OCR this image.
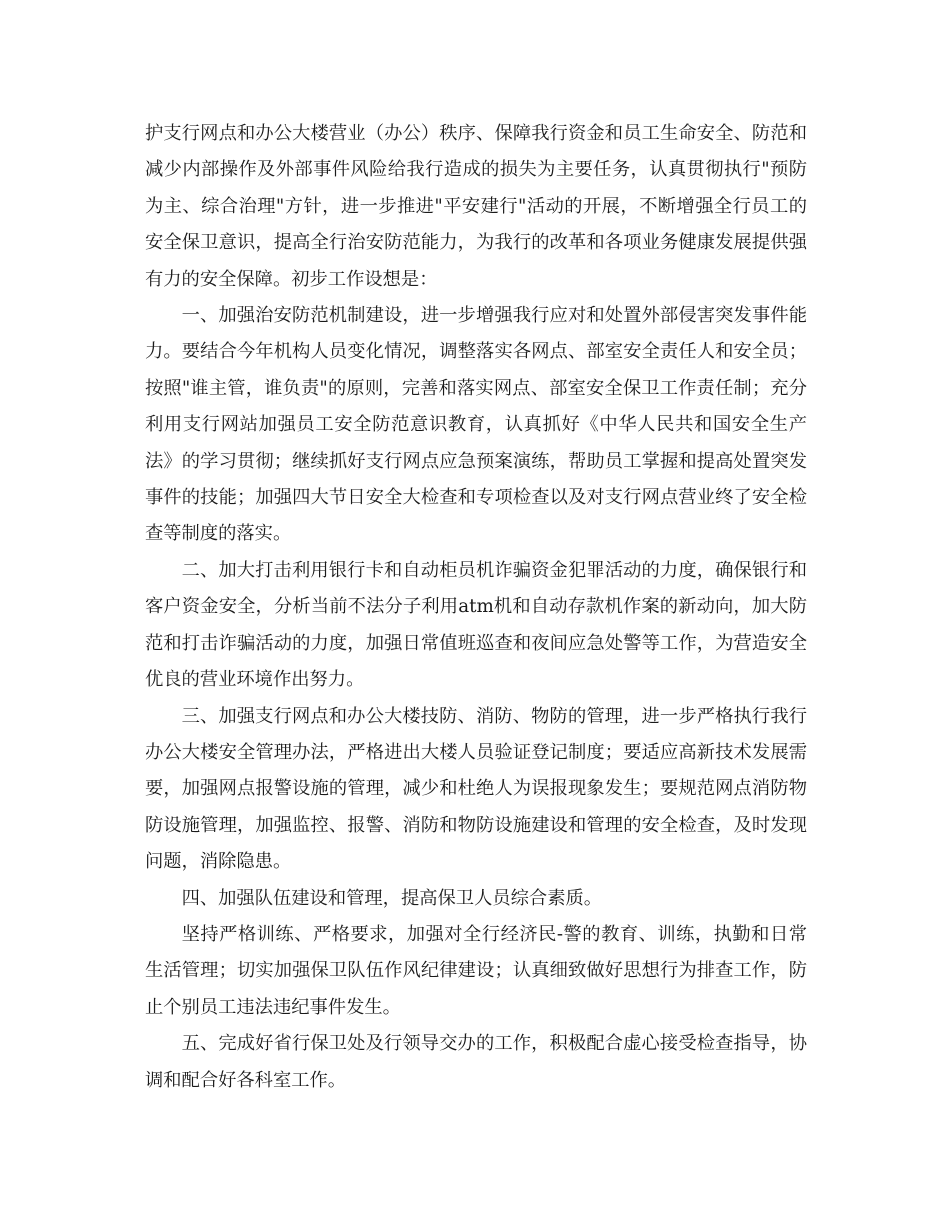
护支行网点和办公大楼营业（办公）秩序、保障我行资金和员工生命安全、防范和减少内部操作及外部事件风险给我行造成的损失为主要任务，认真贯彻执行"预防为主、综合治理"方针，进一步推进"平安建行"活动的开展，不断增强全行员工的安全保卫意识，提高全行治安防范能力，为我行的改革和各项业务健康发展提供强有力的安全保障。初步工作设想是：

一、加强治安防范机制建设，进一步增强我行应对和处置外部侵害突发事件能力。要结合今年机构人员变化情况，调整落实各网点、部室安全责任人和安全员；按照"谁主管，谁负责"的原则，完善和落实网点、部室安全保卫工作责任制；充分利用支行网站加强员工安全防范意识教育，认真抓好《中华人民共和国安全生产法》的学习贯彻；继续抓好支行网点应急预案演练，帮助员工掌握和提高处置突发事件的技能；加强四大节日安全大检查和专项检查以及对支行网点营业终了安全检查等制度的落实。

二、加大打击利用银行卡和自动柜员机诈骗资金犯罪活动的力度，确保银行和客户资金安全，分析当前不法分子利用atm机和自动存款机作案的新动向，加大防范和打击诈骗活动的力度，加强日常值班巡查和夜间应急处警等工作，为营造安全优良的营业环境作出努力。

三、加强支行网点和办公大楼技防、消防、物防的管理，进一步严格执行我行办公大楼安全管理办法，严格进出大楼人员验证登记制度；要适应高新技术发展需要，加强网点报警设施的管理，减少和杜绝人为误报现象发生；要规范网点消防物防设施管理，加强监控、报警、消防和物防设施建设和管理的安全检查，及时发现问题，消除隐患。

四、加强队伍建设和管理，提高保卫人员综合素质。

坚持严格训练、严格要求，加强对全行经济民-警的教育、训练，执勤和日常生活管理；切实加强保卫队伍作风纪律建设；认真细致做好思想行为排查工作，防止个别员工违法违纪事件发生。

五、完成好省行保卫处及行领导交办的工作，积极配合虚心接受检查指导，协调和配合好各科室工作。
